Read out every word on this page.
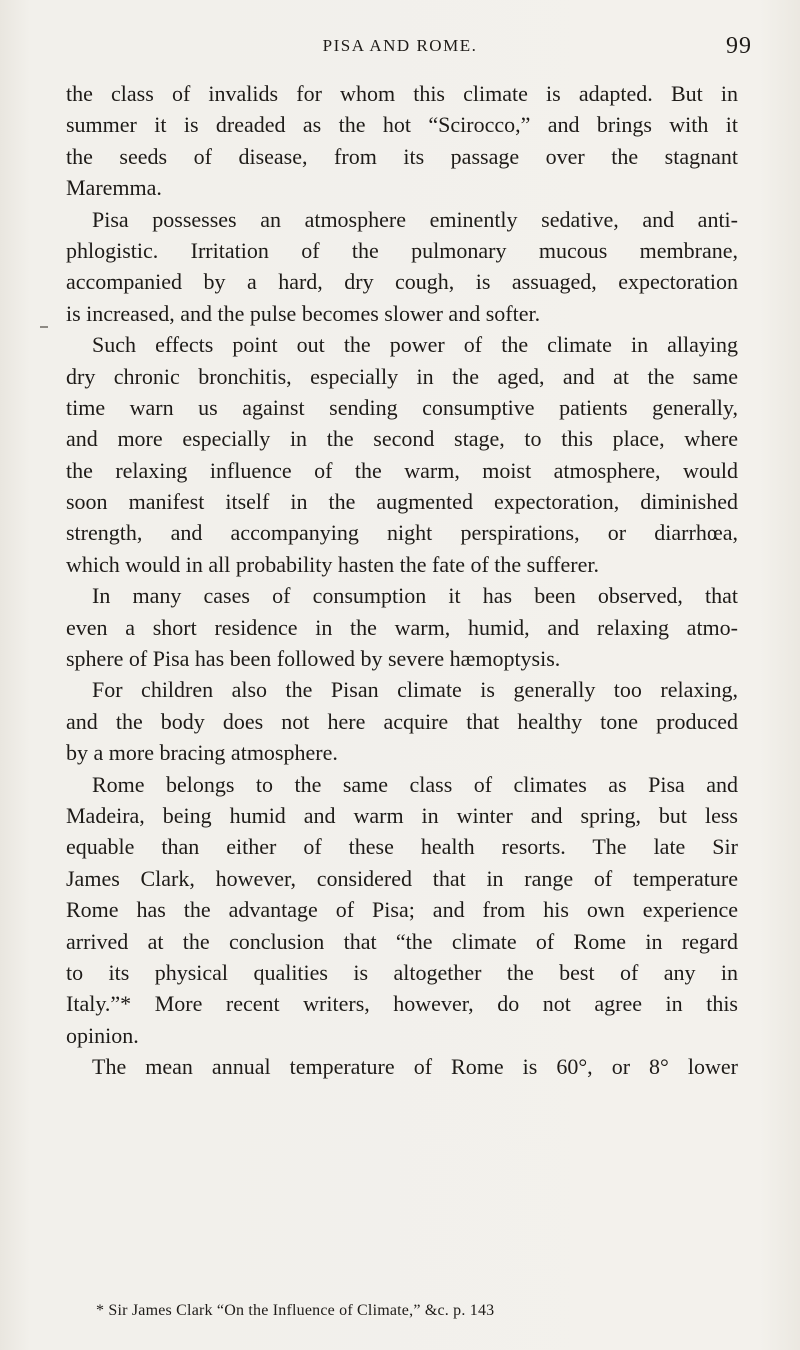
PISA AND ROME.	99
the class of invalids for whom this climate is adapted. But in
summer it is dreaded as the hot “Scirocco,” and brings with it
the seeds of disease, from its passage over the stagnant
Maremma.
Pisa possesses an atmosphere eminently sedative, and anti-
phlogistic. Irritation of the pulmonary mucous membrane,
accompanied by a hard, dry cough, is assuaged, expectoration
is increased, and the pulse becomes slower and softer.
Such effects point out the power of the climate in allaying
dry chronic bronchitis, especially in the aged, and at the same
time warn us against sending consumptive patients generally,
and more especially in the second stage, to this place, where
the relaxing influence of the warm, moist atmosphere, would
soon manifest itself in the augmented expectoration, diminished
strength, and accompanying night perspirations, or diarrhœa,
which would in all probability hasten the fate of the sufferer.
In many cases of consumption it has been observed, that
even a short residence in the warm, humid, and relaxing atmo-
sphere of Pisa has been followed by severe hæmoptysis.
For children also the Pisan climate is generally too relaxing,
and the body does not here acquire that healthy tone produced
by a more bracing atmosphere.
Rome belongs to the same class of climates as Pisa and
Madeira, being humid and warm in winter and spring, but less
equable than either of these health resorts. The late Sir
James Clark, however, considered that in range of temperature
Rome has the advantage of Pisa; and from his own experience
arrived at the conclusion that “the climate of Rome in regard
to its physical qualities is altogether the best of any in
Italy.”* More recent writers, however, do not agree in this
opinion.
The mean annual temperature of Rome is 60°, or 8° lower
* Sir James Clark “On the Influence of Climate,” &c. p. 143
